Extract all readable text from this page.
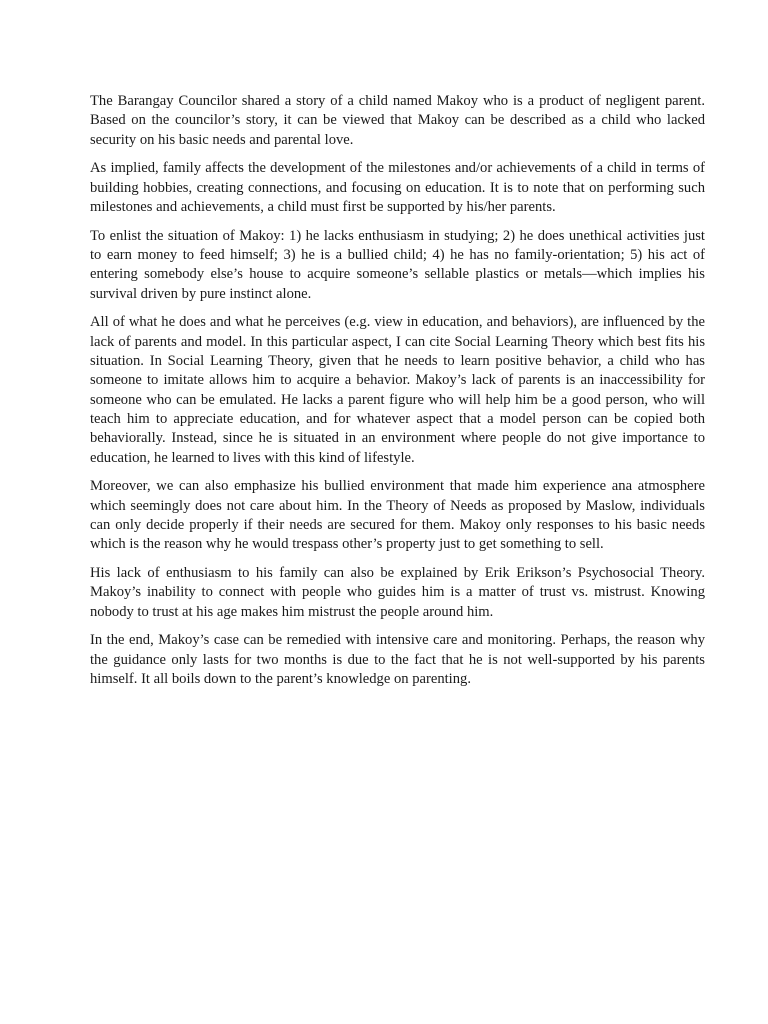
The Barangay Councilor shared a story of a child named Makoy who is a product of negligent parent. Based on the councilor’s story, it can be viewed that Makoy can be described as a child who lacked security on his basic needs and parental love.

As implied, family affects the development of the milestones and/or achievements of a child in terms of building hobbies, creating connections, and focusing on education. It is to note that on performing such milestones and achievements, a child must first be supported by his/her parents.

To enlist the situation of Makoy: 1) he lacks enthusiasm in studying; 2) he does unethical activities just to earn money to feed himself; 3) he is a bullied child; 4) he has no family-orientation; 5) his act of entering somebody else’s house to acquire someone’s sellable plastics or metals—which implies his survival driven by pure instinct alone.

All of what he does and what he perceives (e.g. view in education, and behaviors), are influenced by the lack of parents and model. In this particular aspect, I can cite Social Learning Theory which best fits his situation. In Social Learning Theory, given that he needs to learn positive behavior, a child who has someone to imitate allows him to acquire a behavior. Makoy’s lack of parents is an inaccessibility for someone who can be emulated. He lacks a parent figure who will help him be a good person, who will teach him to appreciate education, and for whatever aspect that a model person can be copied both behaviorally. Instead, since he is situated in an environment where people do not give importance to education, he learned to lives with this kind of lifestyle.

Moreover, we can also emphasize his bullied environment that made him experience ana atmosphere which seemingly does not care about him. In the Theory of Needs as proposed by Maslow, individuals can only decide properly if their needs are secured for them. Makoy only responses to his basic needs which is the reason why he would trespass other’s property just to get something to sell.

His lack of enthusiasm to his family can also be explained by Erik Erikson’s Psychosocial Theory. Makoy’s inability to connect with people who guides him is a matter of trust vs. mistrust. Knowing nobody to trust at his age makes him mistrust the people around him.

In the end, Makoy’s case can be remedied with intensive care and monitoring. Perhaps, the reason why the guidance only lasts for two months is due to the fact that he is not well-supported by his parents himself. It all boils down to the parent’s knowledge on parenting.
